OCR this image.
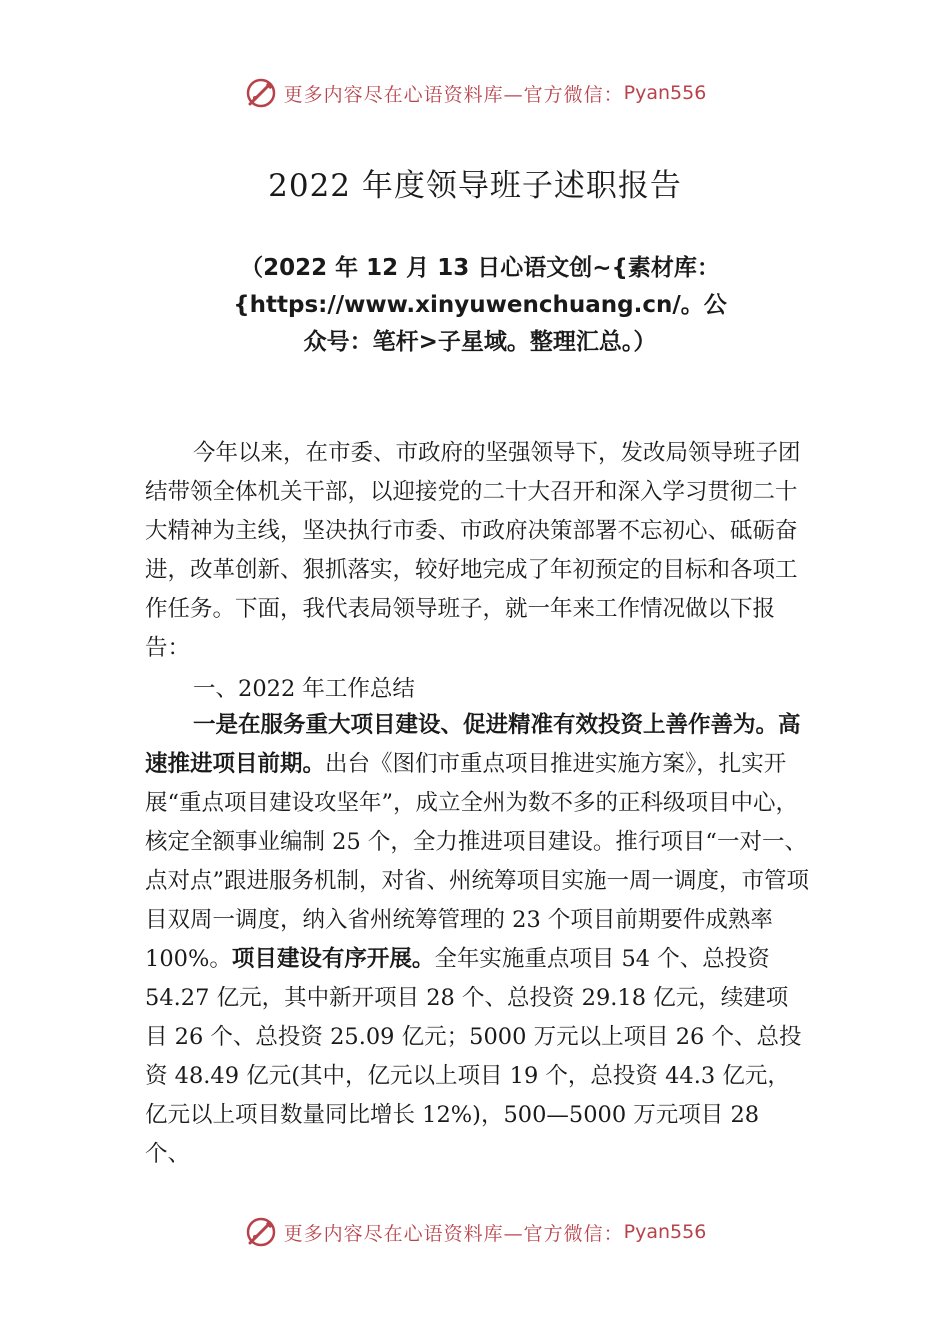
更多内容尽在心语资料库—官方微信： Pyan556
2022 年度领导班子述职报告

（2022 年 12 月 13 日心语文创~{素材库：{https://www.xinyuwenchuang.cn/。公众号：笔杆>子星域。整理汇总。）

今年以来，在市委、市政府的坚强领导下，发改局领导班子团结带领全体机关干部，以迎接党的二十大召开和深入学习贯彻二十大精神为主线，坚决执行市委、市政府决策部署不忘初心、砥砺奋进，改革创新、狠抓落实，较好地完成了年初预定的目标和各项工作任务。下面，我代表局领导班子，就一年来工作情况做以下报告：

一、2022 年工作总结

一是在服务重大项目建设、促进精准有效投资上善作善为。高速推进项目前期。出台《图们市重点项目推进实施方案》，扎实开展“重点项目建设攻坚年”，成立全州为数不多的正科级项目中心，核定全额事业编制 25 个，全力推进项目建设。推行项目“一对一、点对点”跟进服务机制，对省、州统筹项目实施一周一调度，市管项目双周一调度，纳入省州统筹管理的 23 个项目前期要件成熟率 100%。项目建设有序开展。全年实施重点项目 54 个、总投资 54.27 亿元，其中新开项目 28 个、总投资 29.18 亿元，续建项目 26 个、总投资 25.09 亿元；5000 万元以上项目 26 个、总投资 48.49 亿元(其中，亿元以上项目 19 个，总投资 44.3 亿元，亿元以上项目数量同比增长 12%)，500—5000 万元项目 28 个、

更多内容尽在心语资料库—官方微信： Pyan556
